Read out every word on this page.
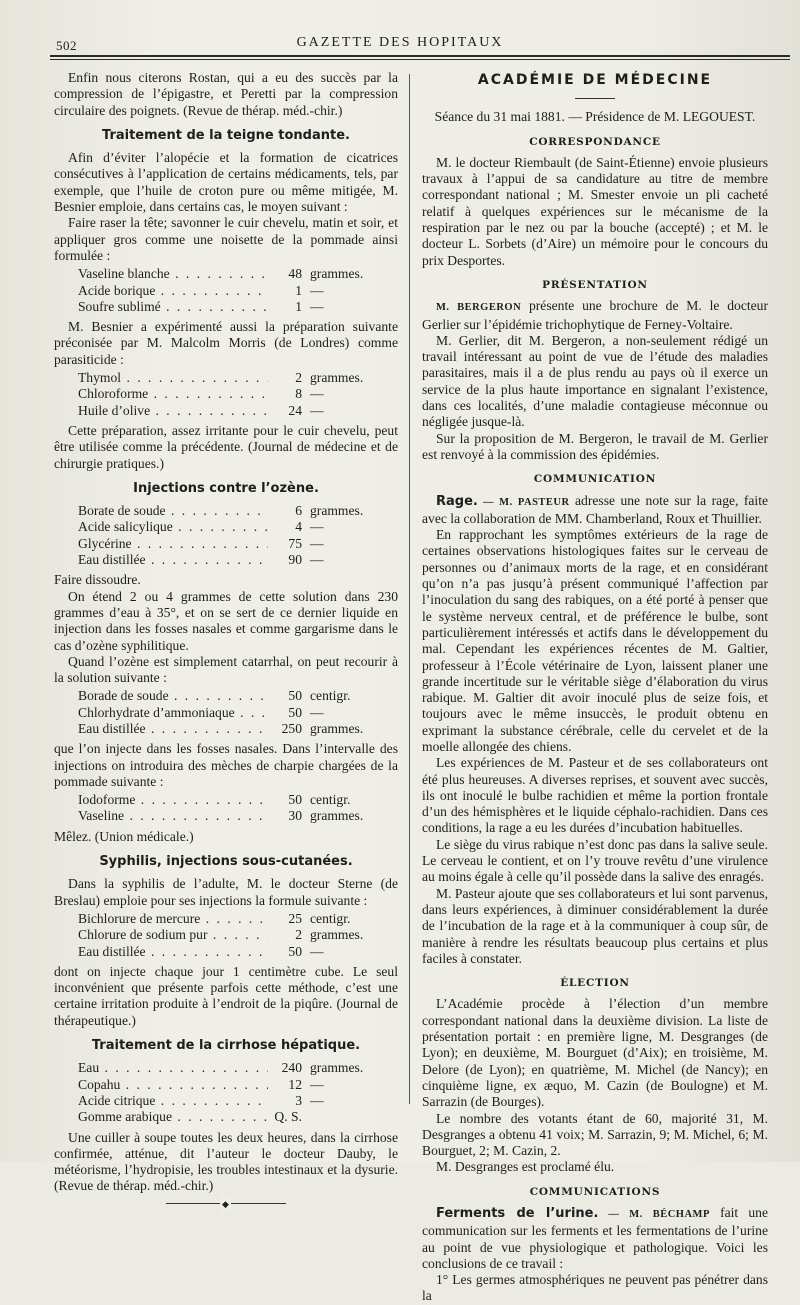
502	GAZETTE DES HOPITAUX

Enfin nous citerons Rostan, qui a eu des succès par la compression de l’épigastre, et Peretti par la compression circulaire des poignets. (Revue de thérap. méd.-chir.)

Traitement de la teigne tondante.

Afin d’éviter l’alopécie et la formation de cicatrices consécutives à l’application de certains médicaments, tels, par exemple, que l’huile de croton pure ou même mitigée, M. Besnier emploie, dans certains cas, le moyen suivant :

Faire raser la tête; savonner le cuir chevelu, matin et soir, et appliquer gros comme une noisette de la pommade ainsi formulée :

Vaseline blanche . . .	48 grammes.
Acide borique . . .	1 —
Soufre sublimé . . .	1 —

M. Besnier a expérimenté aussi la préparation suivante préconisée par M. Malcolm Morris (de Londres) comme parasiticide :

Thymol . . .	2 grammes.
Chloroforme . . .	8 —
Huile d’olive . . .	24 —

Cette préparation, assez irritante pour le cuir chevelu, peut être utilisée comme la précédente. (Journal de médecine et de chirurgie pratiques.)

Injections contre l’ozène.
Borate de soude . . .	6 grammes.
Acide salicylique . . .	4 —
Glycérine . . .	75 —
Eau distillée . . .	90 —

Faire dissoudre.

On étend 2 ou 4 grammes de cette solution dans 230 grammes d’eau à 35°, et on se sert de ce dernier liquide en injection dans les fosses nasales et comme gargarisme dans le cas d’ozène syphilitique.

Quand l’ozène est simplement catarrhal, on peut recourir à la solution suivante :

Borade de soude . . .	50 centigr.
Chlorhydrate d’ammoniaque . . .	50 —
Eau distillée . . .	250 grammes.

que l’on injecte dans les fosses nasales. Dans l’intervalle des injections on introduira des mèches de charpie chargées de la pommade suivante :

Iodoforme . . .	50 centigr.
Vaseline . . .	30 grammes.

Mêlez. (Union médicale.)

Syphilis, injections sous-cutanées.

Dans la syphilis de l’adulte, M. le docteur Sterne (de Breslau) emploie pour ses injections la formule suivante :

Bichlorure de mercure . . .	25 centigr.
Chlorure de sodium pur . . .	2 grammes.
Eau distillée . . .	50 —

dont on injecte chaque jour 1 centimètre cube. Le seul inconvénient que présente parfois cette méthode, c’est une certaine irritation produite à l’endroit de la piqûre. (Journal de thérapeutique.)

Traitement de la cirrhose hépatique.
Eau . . .	240 grammes.
Copahu . . .	12 —
Acide citrique . . .	3 —
Gomme arabique . . .	Q. S.

Une cuiller à soupe toutes les deux heures, dans la cirrhose confirmée, atténue, dit l’auteur le docteur Dauby, le météorisme, l’hydropisie, les troubles intestinaux et la dysurie. (Revue de thérap. méd.-chir.)

◆
ACADÉMIE DE MÉDECINE

Séance du 31 mai 1881. — Présidence de M. LEGOUEST.

CORRESPONDANCE

M. le docteur Riembault (de Saint-Étienne) envoie plusieurs travaux à l’appui de sa candidature au titre de membre correspondant national ; M. Smester envoie un pli cacheté relatif à quelques expériences sur le mécanisme de la respiration par le nez ou par la bouche (accepté) ; et M. le docteur L. Sorbets (d’Aire) un mémoire pour le concours du prix Desportes.

PRÉSENTATION

M. BERGERON présente une brochure de M. le docteur Gerlier sur l’épidémie trichophytique de Ferney-Voltaire.

M. Gerlier, dit M. Bergeron, a non-seulement rédigé un travail intéressant au point de vue de l’étude des maladies parasitaires, mais il a de plus rendu au pays où il exerce un service de la plus haute importance en signalant l’existence, dans ces localités, d’une maladie contagieuse méconnue ou négligée jusque-là.

Sur la proposition de M. Bergeron, le travail de M. Gerlier est renvoyé à la commission des épidémies.

COMMUNICATION

Rage. — M. PASTEUR adresse une note sur la rage, faite avec la collaboration de MM. Chamberland, Roux et Thuillier.

En rapprochant les symptômes extérieurs de la rage de certaines observations histologiques faites sur le cerveau de personnes ou d’animaux morts de la rage, et en considérant qu’on n’a pas jusqu’à présent communiqué l’affection par l’inoculation du sang des rabiques, on a été porté à penser que le système nerveux central, et de préférence le bulbe, sont particulièrement intéressés et actifs dans le développement du mal. Cependant les expériences récentes de M. Galtier, professeur à l’École vétérinaire de Lyon, laissent planer une grande incertitude sur le véritable siège d’élaboration du virus rabique. M. Galtier dit avoir inoculé plus de seize fois, et toujours avec le même insuccès, le produit obtenu en exprimant la substance cérébrale, celle du cervelet et de la moelle allongée des chiens.

Les expériences de M. Pasteur et de ses collaborateurs ont été plus heureuses. A diverses reprises, et souvent avec succès, ils ont inoculé le bulbe rachidien et même la portion frontale d’un des hémisphères et le liquide céphalo-rachidien. Dans ces conditions, la rage a eu les durées d’incubation habituelles.

Le siège du virus rabique n’est donc pas dans la salive seule. Le cerveau le contient, et on l’y trouve revêtu d’une virulence au moins égale à celle qu’il possède dans la salive des enragés.

M. Pasteur ajoute que ses collaborateurs et lui sont parvenus, dans leurs expériences, à diminuer considérablement la durée de l’incubation de la rage et à la communiquer à coup sûr, de manière à rendre les résultats beaucoup plus certains et plus faciles à constater.

ÉLECTION

L’Académie procède à l’élection d’un membre correspondant national dans la deuxième division. La liste de présentation portait : en première ligne, M. Desgranges (de Lyon); en deuxième, M. Bourguet (d’Aix); en troisième, M. Delore (de Lyon); en quatrième, M. Michel (de Nancy); en cinquième ligne, ex æquo, M. Cazin (de Boulogne) et M. Sarrazin (de Bourges).

Le nombre des votants étant de 60, majorité 31, M. Desgranges a obtenu 41 voix; M. Sarrazin, 9; M. Michel, 6; M. Bourguet, 2; M. Cazin, 2.

M. Desgranges est proclamé élu.

COMMUNICATIONS

Ferments de l’urine. — M. BÉCHAMP fait une communication sur les ferments et les fermentations de l’urine au point de vue physiologique et pathologique. Voici les conclusions de ce travail :

1° Les germes atmosphériques ne peuvent pas pénétrer dans la
